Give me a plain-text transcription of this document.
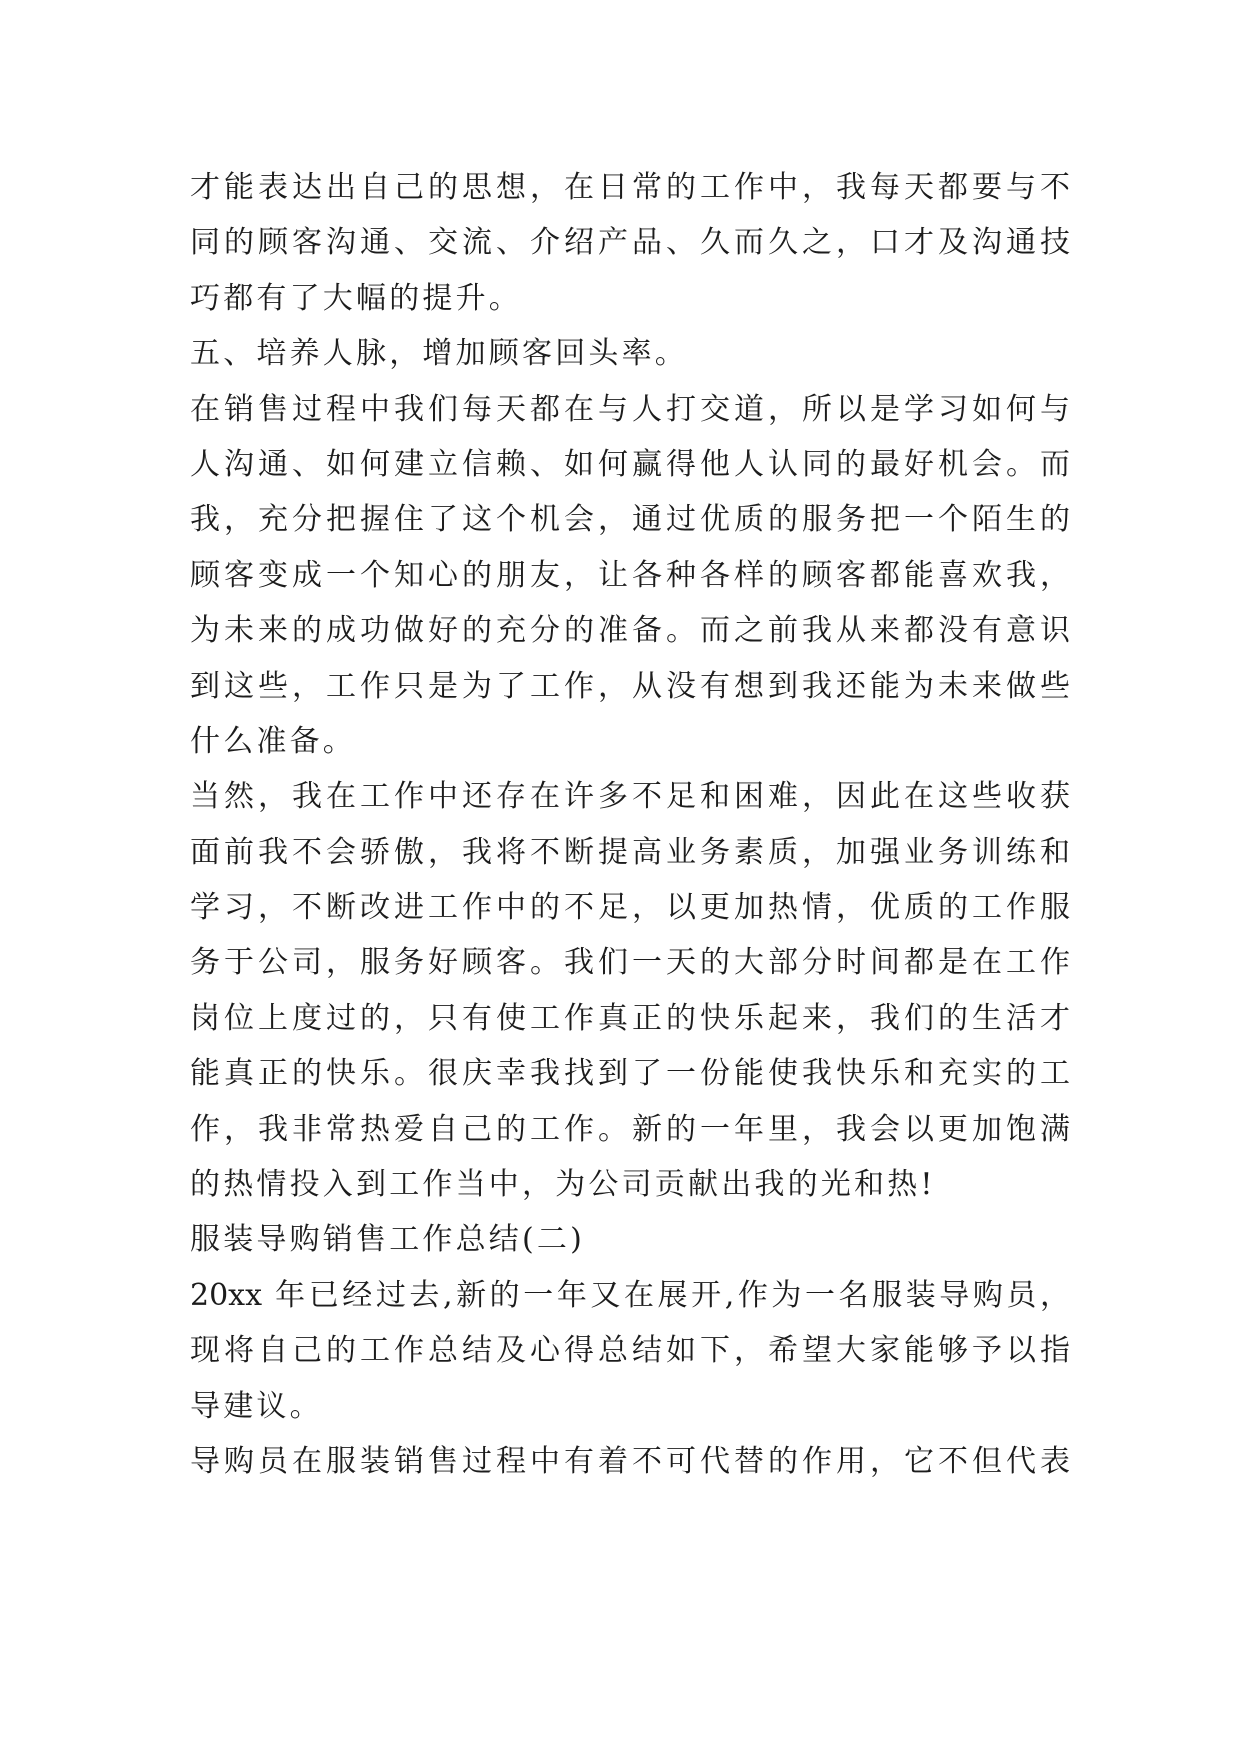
才能表达出自己的思想，在日常的工作中，我每天都要与不
同的顾客沟通、交流、介绍产品、久而久之，口才及沟通技
巧都有了大幅的提升。
五、培养人脉，增加顾客回头率。
在销售过程中我们每天都在与人打交道，所以是学习如何与
人沟通、如何建立信赖、如何赢得他人认同的最好机会。而
我，充分把握住了这个机会，通过优质的服务把一个陌生的
顾客变成一个知心的朋友，让各种各样的顾客都能喜欢我，
为未来的成功做好的充分的准备。而之前我从来都没有意识
到这些，工作只是为了工作，从没有想到我还能为未来做些
什么准备。
当然，我在工作中还存在许多不足和困难，因此在这些收获
面前我不会骄傲，我将不断提高业务素质，加强业务训练和
学习，不断改进工作中的不足，以更加热情，优质的工作服
务于公司，服务好顾客。我们一天的大部分时间都是在工作
岗位上度过的，只有使工作真正的快乐起来，我们的生活才
能真正的快乐。很庆幸我找到了一份能使我快乐和充实的工
作，我非常热爱自己的工作。新的一年里，我会以更加饱满
的热情投入到工作当中，为公司贡献出我的光和热!
服装导购销售工作总结(二)
20xx 年已经过去,新的一年又在展开,作为一名服装导购员，
现将自己的工作总结及心得总结如下，希望大家能够予以指
导建议。
导购员在服装销售过程中有着不可代替的作用，它不但代表
